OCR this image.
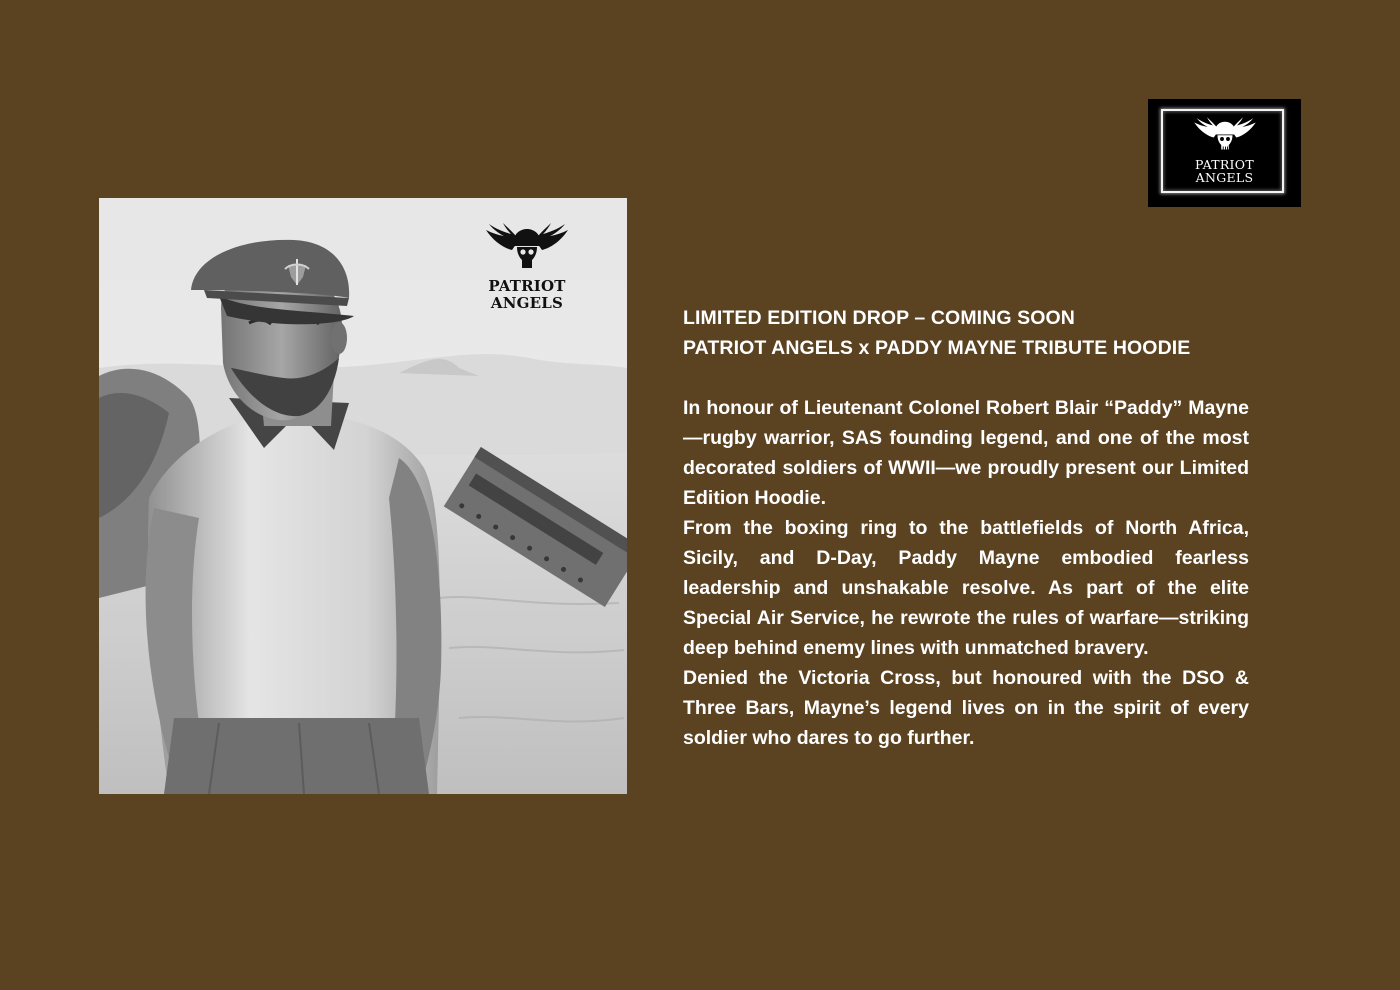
PATRIOT
ANGELS
PATRIOT
ANGELS

LIMITED EDITION DROP – COMING SOON

PATRIOT ANGELS x PADDY MAYNE TRIBUTE HOODIE

In honour of Lieutenant Colonel Robert Blair “Paddy” Mayne—rugby warrior, SAS founding legend, and one of the most decorated soldiers of WWII—we proudly present our Limited Edition Hoodie.

From the boxing ring to the battlefields of North Africa, Sicily, and D-Day, Paddy Mayne embodied fearless leadership and unshakable resolve. As part of the elite Special Air Service, he rewrote the rules of warfare—striking deep behind enemy lines with unmatched bravery.

Denied the Victoria Cross, but honoured with the DSO & Three Bars, Mayne’s legend lives on in the spirit of every soldier who dares to go further.
